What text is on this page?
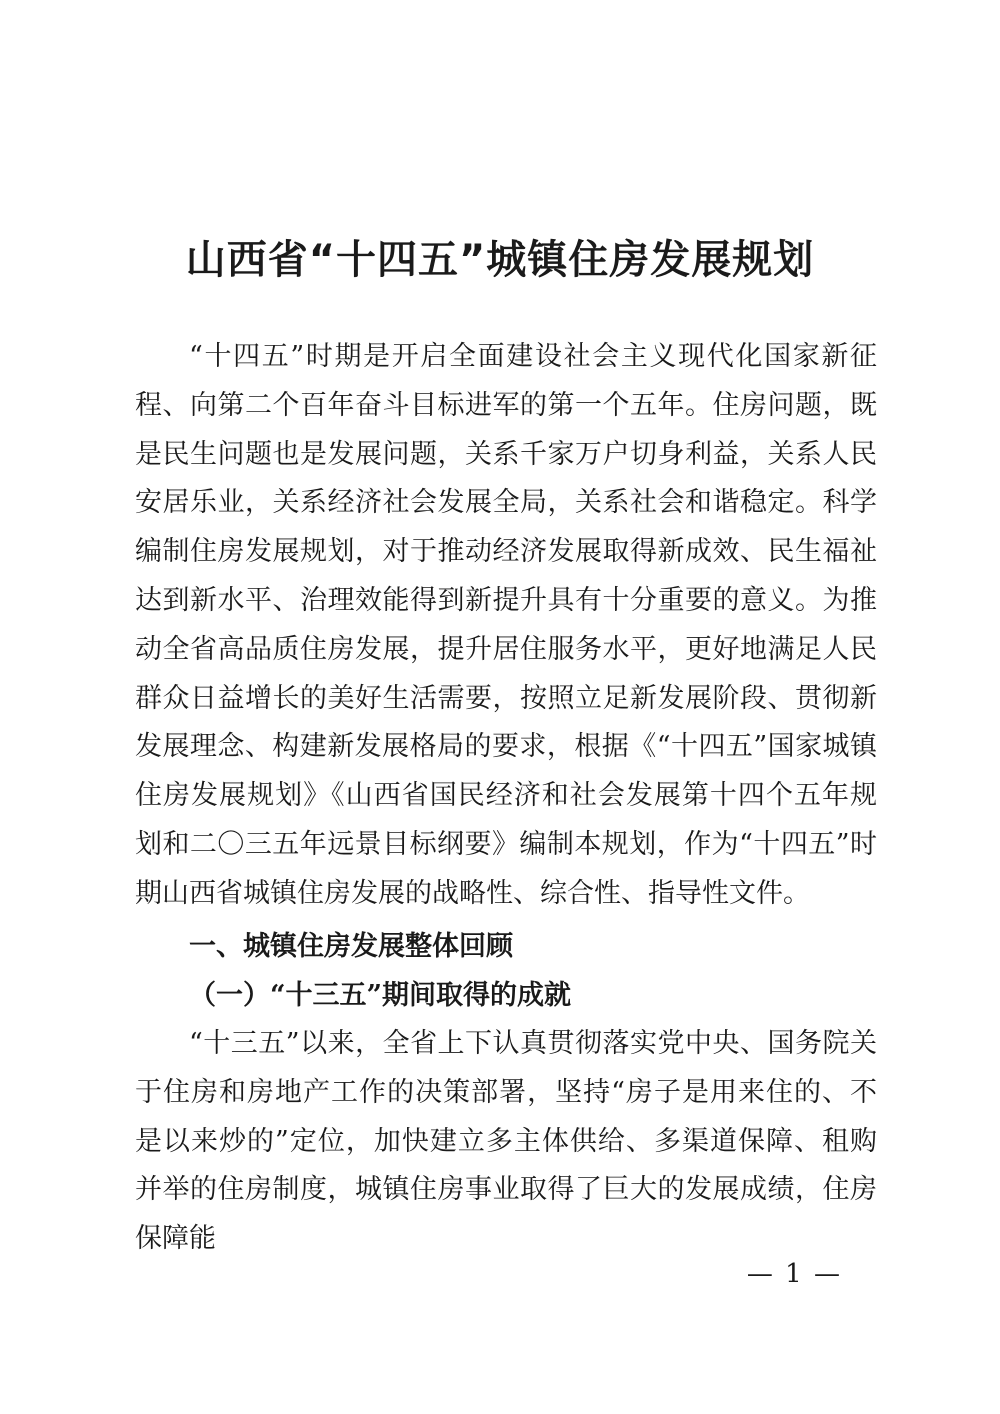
山西省“十四五”城镇住房发展规划

“十四五”时期是开启全面建设社会主义现代化国家新征程、向第二个百年奋斗目标进军的第一个五年。住房问题，既是民生问题也是发展问题，关系千家万户切身利益，关系人民安居乐业，关系经济社会发展全局，关系社会和谐稳定。科学编制住房发展规划，对于推动经济发展取得新成效、民生福祉达到新水平、治理效能得到新提升具有十分重要的意义。为推动全省高品质住房发展，提升居住服务水平，更好地满足人民群众日益增长的美好生活需要，按照立足新发展阶段、贯彻新发展理念、构建新发展格局的要求，根据《“十四五”国家城镇住房发展规划》《山西省国民经济和社会发展第十四个五年规划和二〇三五年远景目标纲要》编制本规划，作为“十四五”时期山西省城镇住房发展的战略性、综合性、指导性文件。

一、城镇住房发展整体回顾
（一）“十三五”期间取得的成就

“十三五”以来，全省上下认真贯彻落实党中央、国务院关于住房和房地产工作的决策部署，坚持“房子是用来住的、不是以来炒的”定位，加快建立多主体供给、多渠道保障、租购并举的住房制度，城镇住房事业取得了巨大的发展成绩，住房保障能

— 1 —
